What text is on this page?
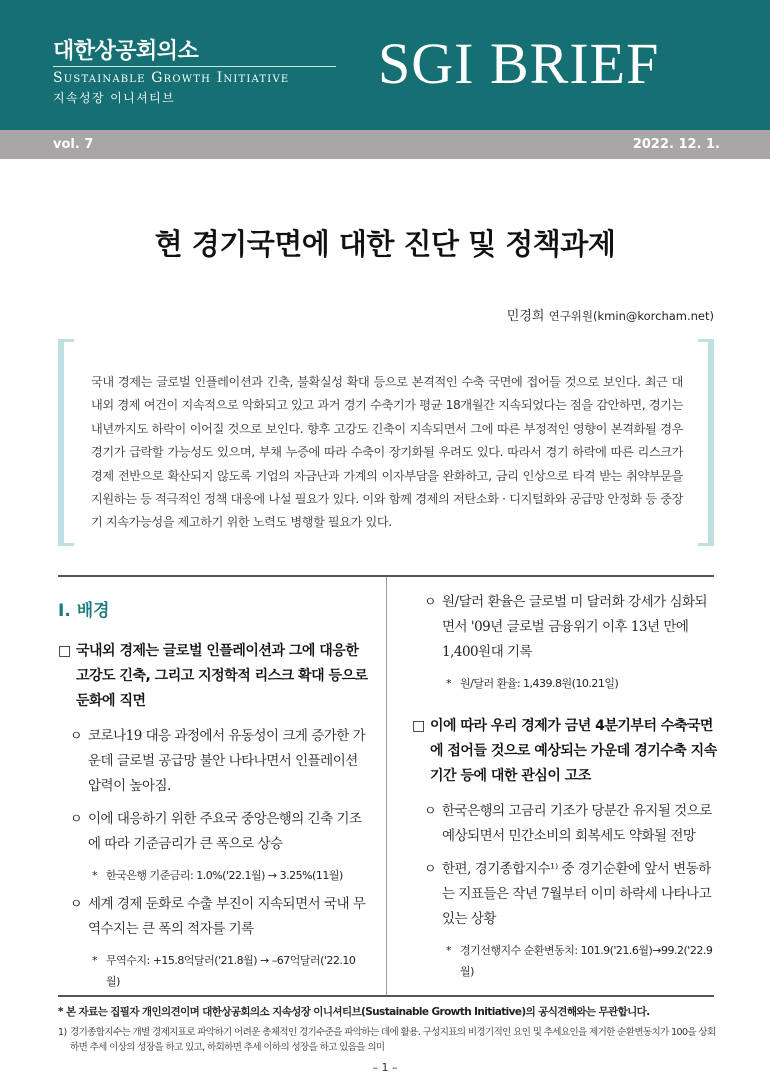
대한상공회의소
Sustainable Growth Initiative
지속성장 이니셔티브
SGI BRIEF
vol. 7	2022. 12. 1.
현 경기국면에 대한 진단 및 정책과제
민경희 연구위원(kmin@korcham.net)
국내 경제는 글로벌 인플레이션과 긴축, 불확실성 확대 등으로 본격적인 수축 국면에 접어들 것으로 보인다. 최근 대내외 경제 여건이 지속적으로 악화되고 있고 과거 경기 수축기가 평균 18개월간 지속되었다는 점을 감안하면, 경기는 내년까지도 하락이 이어질 것으로 보인다. 향후 고강도 긴축이 지속되면서 그에 따른 부정적인 영향이 본격화될 경우 경기가 급락할 가능성도 있으며, 부채 누증에 따라 수축이 장기화될 우려도 있다. 따라서 경기 하락에 따른 리스크가 경제 전반으로 확산되지 않도록 기업의 자금난과 가계의 이자부담을 완화하고, 금리 인상으로 타격 받는 취약부문을 지원하는 등 적극적인 정책 대응에 나설 필요가 있다. 이와 함께 경제의 저탄소화 · 디지털화와 공급망 안정화 등 중장기 지속가능성을 제고하기 위한 노력도 병행할 필요가 있다.
Ⅰ. 배경
□ 국내외 경제는 글로벌 인플레이션과 그에 대응한 고강도 긴축, 그리고 지정학적 리스크 확대 등으로 둔화에 직면
ㅇ 코로나19 대응 과정에서 유동성이 크게 증가한 가운데 글로벌 공급망 불안 나타나면서 인플레이션 압력이 높아짐.
ㅇ 이에 대응하기 위한 주요국 중앙은행의 긴축 기조에 따라 기준금리가 큰 폭으로 상승
* 한국은행 기준금리: 1.0%('22.1월) → 3.25%(11월)
ㅇ 세계 경제 둔화로 수출 부진이 지속되면서 국내 무역수지는 큰 폭의 적자를 기록
* 무역수지: +15.8억달러('21.8월) → –67억달러('22.10월)
ㅇ 원/달러 환율은 글로벌 미 달러화 강세가 심화되면서 '09년 글로벌 금융위기 이후 13년 만에 1,400원대 기록
* 원/달러 환율: 1,439.8원(10.21일)
□ 이에 따라 우리 경제가 금년 4분기부터 수축국면에 접어들 것으로 예상되는 가운데 경기수축 지속기간 등에 대한 관심이 고조
ㅇ 한국은행의 고금리 기조가 당분간 유지될 것으로 예상되면서 민간소비의 회복세도 약화될 전망
ㅇ 한편, 경기종합지수¹⁾ 중 경기순환에 앞서 변동하는 지표들은 작년 7월부터 이미 하락세 나타나고 있는 상황
* 경기선행지수 순환변동치: 101.9('21.6월)→99.2('22.9월)
* 본 자료는 집필자 개인의견이며 대한상공회의소 지속성장 이니셔티브(Sustainable Growth Initiative)의 공식견해와는 무관합니다.
1) 경기종합지수는 개별 경제지표로 파악하기 어려운 총체적인 경기수준을 파악하는 데에 활용. 구성지표의 비경기적인 요인 및 추세요인을 제거한 순환변동치가 100을 상회하면 추세 이상의 성장을 하고 있고, 하회하면 추세 이하의 성장을 하고 있음을 의미
– 1 –
